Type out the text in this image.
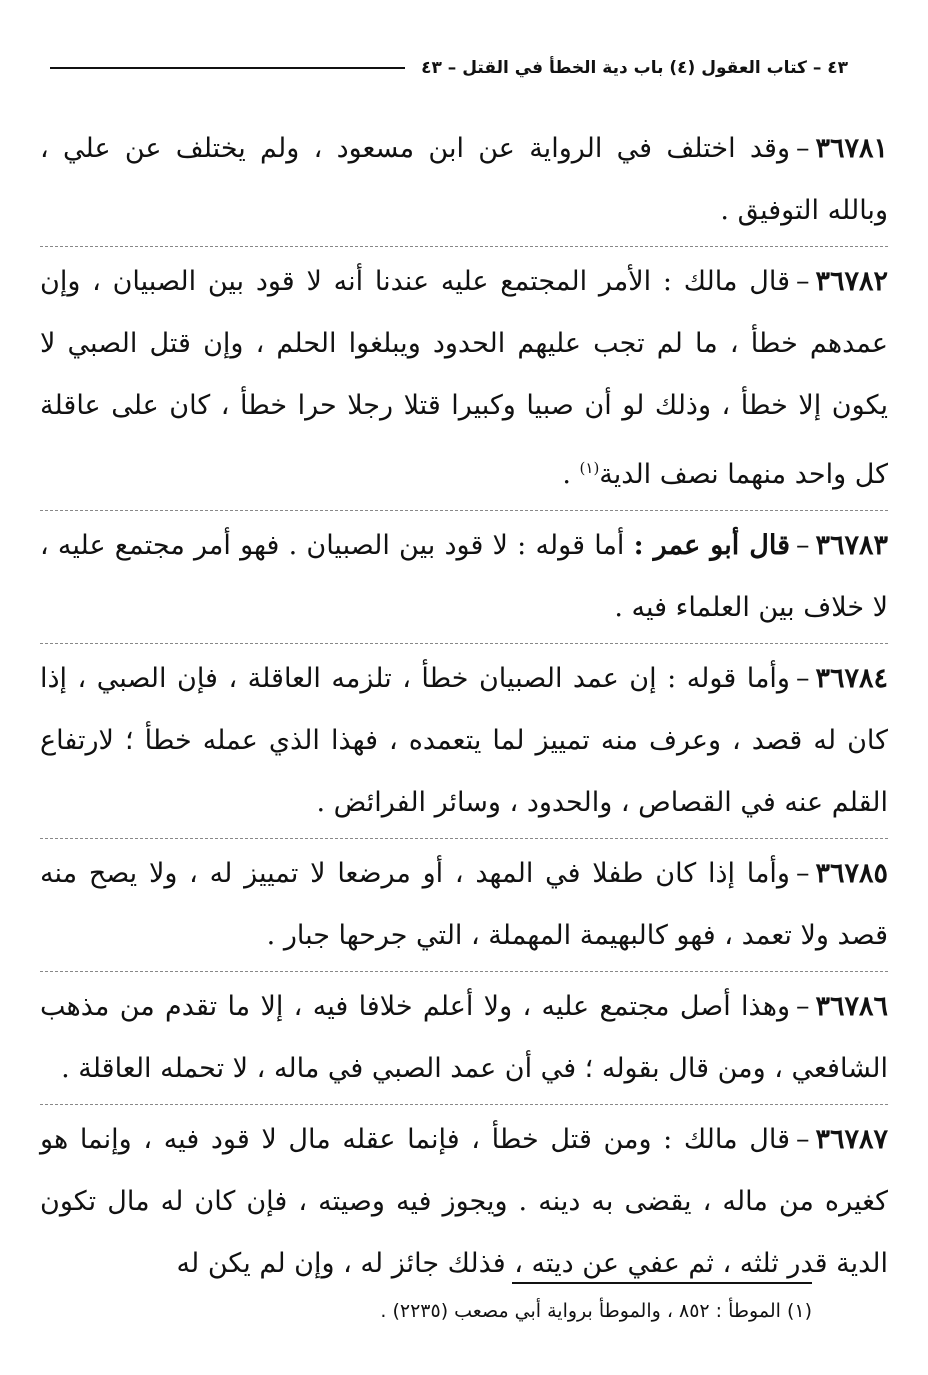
٤٣ – كتاب العقول (٤) باب دية الخطأ في القتل – ٤٣

٣٦٧٨١–وقد اختلف في الرواية عن ابن مسعود ، ولم يختلف عن علي ، وبالله التوفيق .

٣٦٧٨٢–قال مالك : الأمر المجتمع عليه عندنا أنه لا قود بين الصبيان ، وإن عمدهم خطأ ، ما لم تجب عليهم الحدود ويبلغوا الحلم ، وإن قتل الصبي لا يكون إلا خطأ ، وذلك لو أن صبيا وكبيرا قتلا رجلا حرا خطأ ، كان على عاقلة كل واحد منهما نصف الدية$^{(١)}$ .

٣٦٧٨٣–قال أبو عمر : أما قوله : لا قود بين الصبيان . فهو أمر مجتمع عليه ، لا خلاف بين العلماء فيه .

٣٦٧٨٤–وأما قوله : إن عمد الصبيان خطأ ، تلزمه العاقلة ، فإن الصبي ، إذا كان له قصد ، وعرف منه تمييز لما يتعمده ، فهذا الذي عمله خطأ ؛ لارتفاع القلم عنه في القصاص ، والحدود ، وسائر الفرائض .

٣٦٧٨٥–وأما إذا كان طفلا في المهد ، أو مرضعا لا تمييز له ، ولا يصح منه قصد ولا تعمد ، فهو كالبهيمة المهملة ، التي جرحها جبار .

٣٦٧٨٦–وهذا أصل مجتمع عليه ، ولا أعلم خلافا فيه ، إلا ما تقدم من مذهب الشافعي ، ومن قال بقوله ؛ في أن عمد الصبي في ماله ، لا تحمله العاقلة .

٣٦٧٨٧–قال مالك : ومن قتل خطأ ، فإنما عقله مال لا قود فيه ، وإنما هو كغيره من ماله ، يقضى به دينه . ويجوز فيه وصيته ، فإن كان له مال تكون الدية قدر ثلثه ، ثم عفي عن ديته ، فذلك جائز له ، وإن لم يكن له

(١) الموطأ : ٨٥٢ ، والموطأ برواية أبي مصعب (٢٢٣٥) .
